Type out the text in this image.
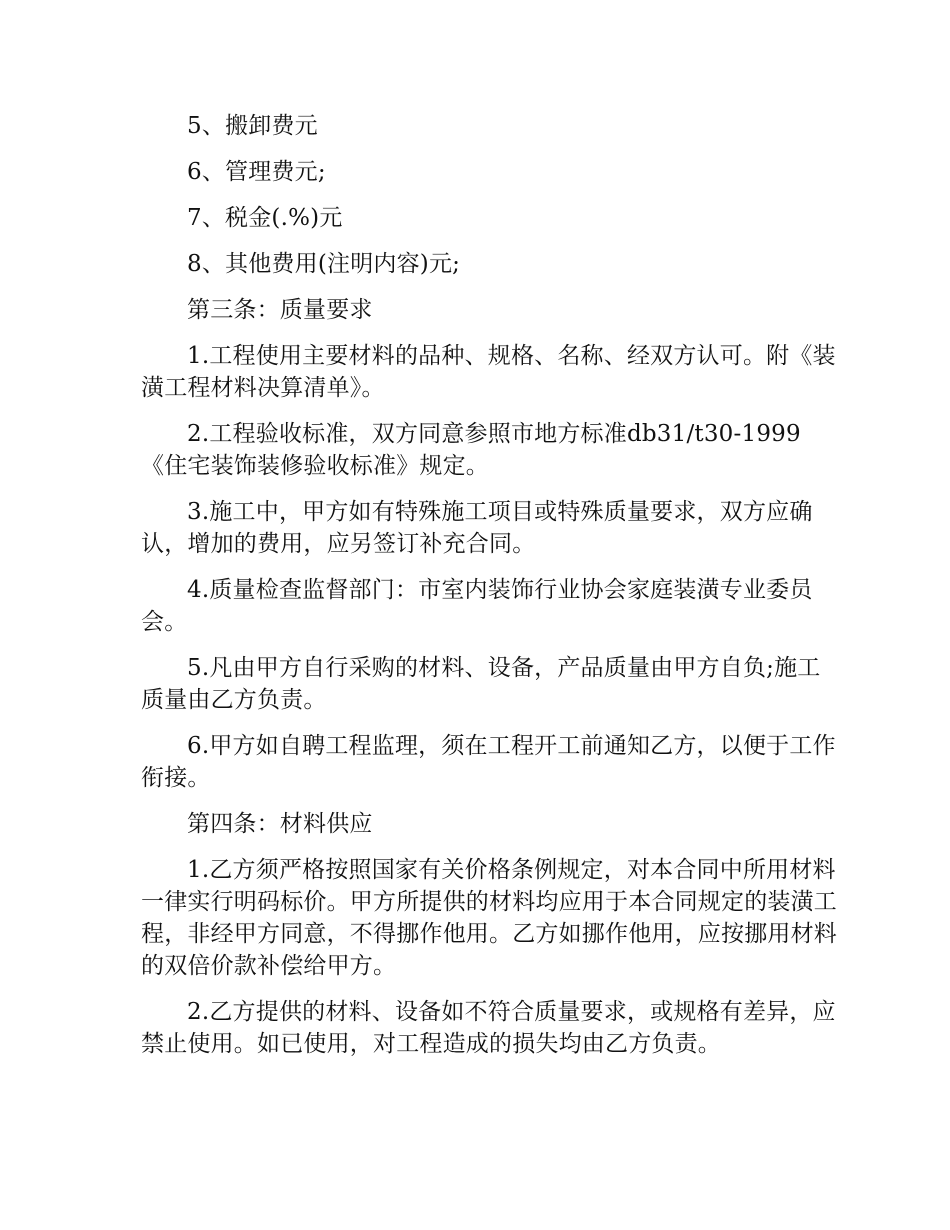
5、搬卸费元

6、管理费元;

7、税金(.%)元

8、其他费用(注明内容)元;

第三条：质量要求

1.工程使用主要材料的品种、规格、名称、经双方认可。附《装潢工程材料决算清单》。

2.工程验收标准，双方同意参照市地方标准db31/t30-1999《住宅装饰装修验收标准》规定。

3.施工中，甲方如有特殊施工项目或特殊质量要求，双方应确认，增加的费用，应另签订补充合同。

4.质量检查监督部门：市室内装饰行业协会家庭装潢专业委员会。

5.凡由甲方自行采购的材料、设备，产品质量由甲方自负;施工质量由乙方负责。

6.甲方如自聘工程监理，须在工程开工前通知乙方，以便于工作衔接。

第四条：材料供应

1.乙方须严格按照国家有关价格条例规定，对本合同中所用材料一律实行明码标价。甲方所提供的材料均应用于本合同规定的装潢工程，非经甲方同意，不得挪作他用。乙方如挪作他用，应按挪用材料的双倍价款补偿给甲方。

2.乙方提供的材料、设备如不符合质量要求，或规格有差异，应禁止使用。如已使用，对工程造成的损失均由乙方负责。
